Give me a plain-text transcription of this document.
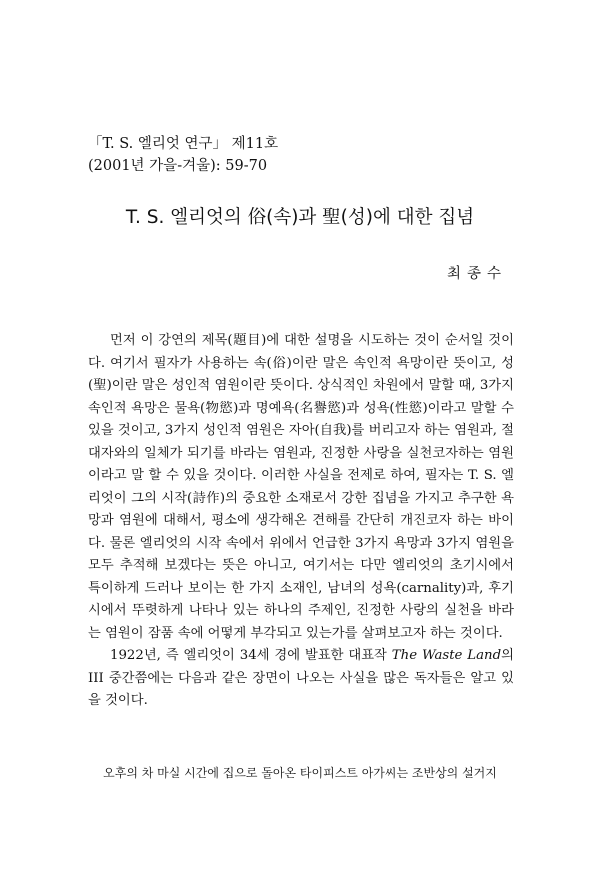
「T. S. 엘리엇 연구」 제11호
(2001년 가을-겨울): 59-70
T. S. 엘리엇의 俗(속)과 聖(성)에 대한 집념
최종수

먼저 이 강연의 제목(題目)에 대한 설명을 시도하는 것이 순서일 것이다. 여기서 필자가 사용하는 속(俗)이란 말은 속인적 욕망이란 뜻이고, 성(聖)이란 말은 성인적 염원이란 뜻이다. 상식적인 차원에서 말할 때, 3가지 속인적 욕망은 물욕(物慾)과 명예욕(名譽慾)과 성욕(性慾)이라고 말할 수 있을 것이고, 3가지 성인적 염원은 자아(自我)를 버리고자 하는 염원과, 절대자와의 일체가 되기를 바라는 염원과, 진정한 사랑을 실천코자하는 염원이라고 말 할 수 있을 것이다. 이러한 사실을 전제로 하여, 필자는 T. S. 엘리엇이 그의 시작(詩作)의 중요한 소재로서 강한 집념을 가지고 추구한 욕망과 염원에 대해서, 평소에 생각해온 견해를 간단히 개진코자 하는 바이다. 물론 엘리엇의 시작 속에서 위에서 언급한 3가지 욕망과 3가지 염원을 모두 추적해 보겠다는 뜻은 아니고, 여기서는 다만 엘리엇의 초기시에서 특이하게 드러나 보이는 한 가지 소재인, 남녀의 성욕(carnality)과, 후기시에서 뚜렷하게 나타나 있는 하나의 주제인, 진정한 사랑의 실천을 바라는 염원이 잠품 속에 어떻게 부각되고 있는가를 살펴보고자 하는 것이다.

1922년, 즉 엘리엇이 34세 경에 발표한 대표작 The Waste Land의 III 중간쯤에는 다음과 같은 장면이 나오는 사실을 많은 독자들은 알고 있을 것이다.

오후의 차 마실 시간에 집으로 돌아온 타이피스트 아가씨는 조반상의 설거지
